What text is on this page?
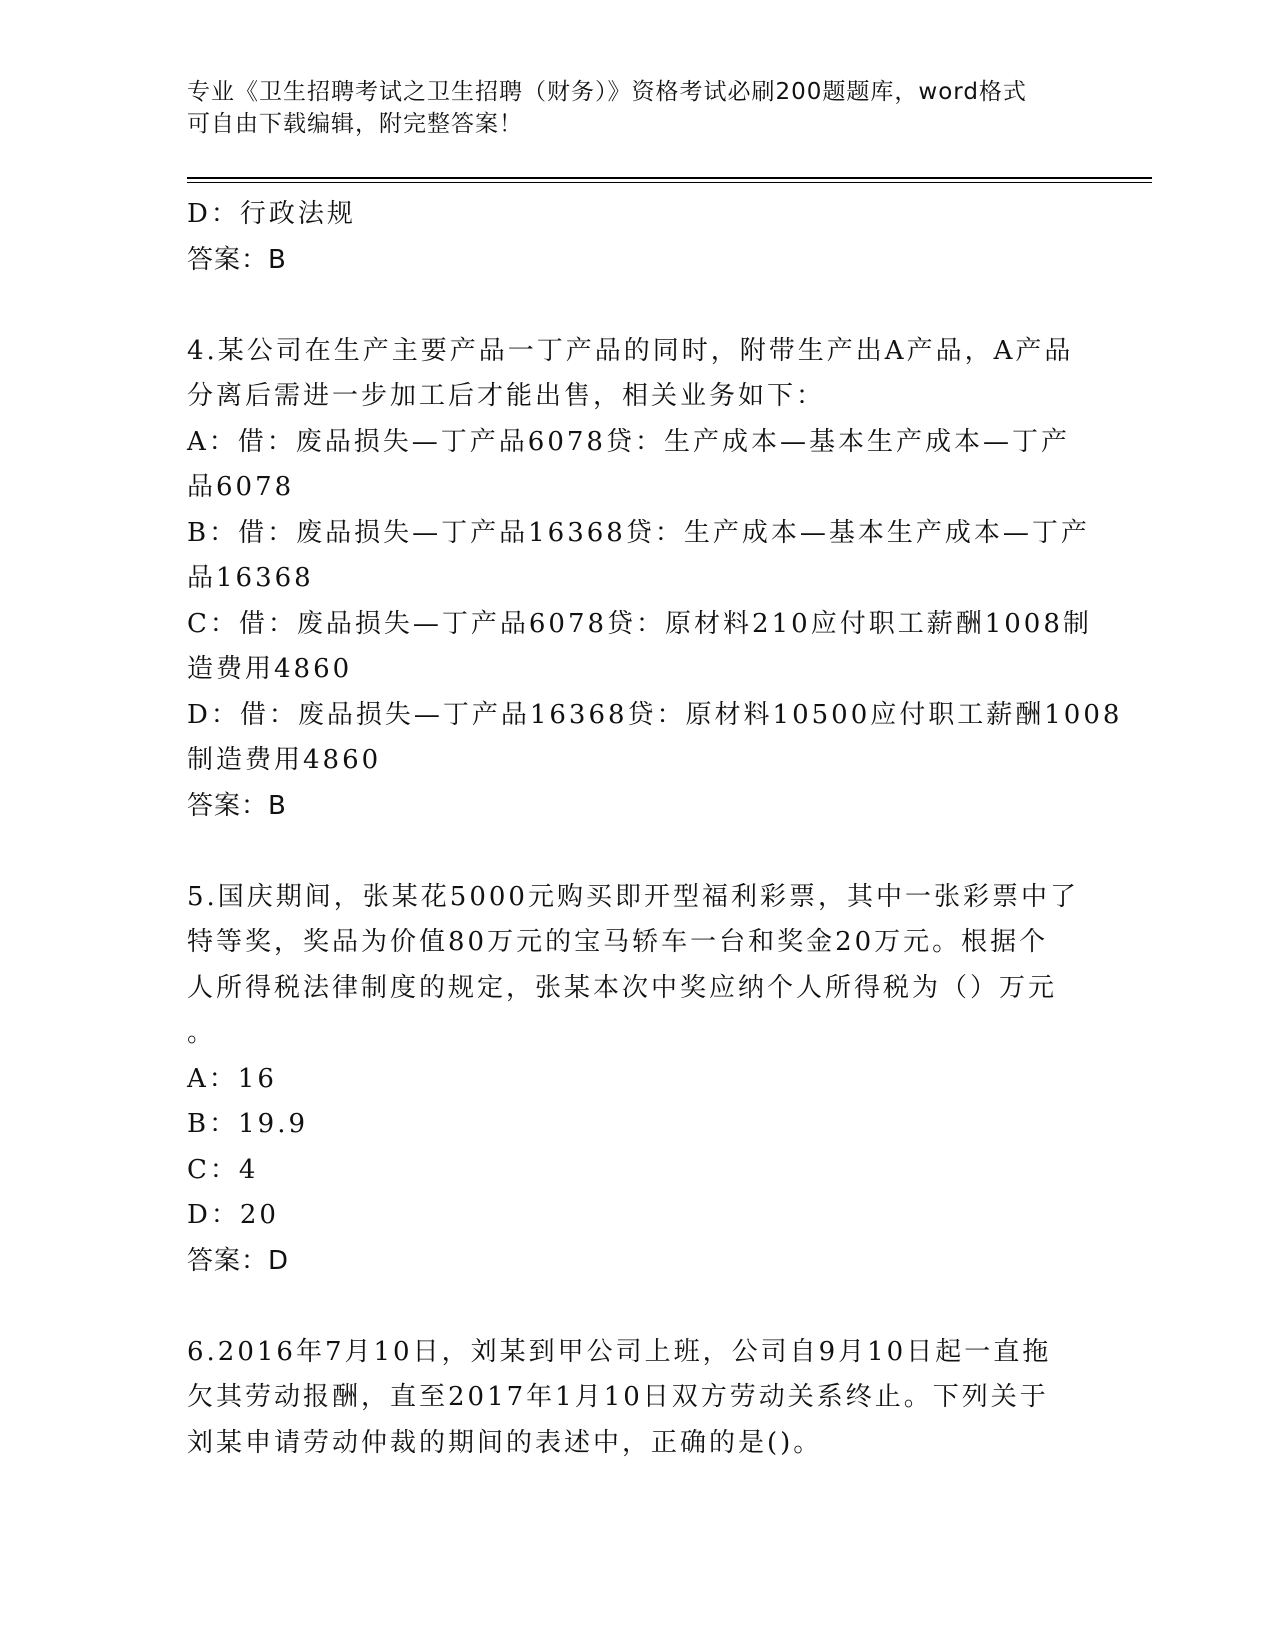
专业《卫生招聘考试之卫生招聘（财务）》资格考试必刷200题题库，word格式
可自由下载编辑，附完整答案！
D：行政法规
答案：B
4.某公司在生产主要产品一丁产品的同时，附带生产出A产品，A产品
分离后需进一步加工后才能出售，相关业务如下：
A：借：废品损失—丁产品6078贷：生产成本—基本生产成本—丁产
品6078
B：借：废品损失—丁产品16368贷：生产成本—基本生产成本—丁产
品16368
C：借：废品损失—丁产品6078贷：原材料210应付职工薪酬1008制
造费用4860
D：借：废品损失—丁产品16368贷：原材料10500应付职工薪酬1008
制造费用4860
答案：B
5.国庆期间，张某花5000元购买即开型福利彩票，其中一张彩票中了
特等奖，奖品为价值80万元的宝马轿车一台和奖金20万元。根据个
人所得税法律制度的规定，张某本次中奖应纳个人所得税为（）万元
。
A：16
B：19.9
C：4
D：20
答案：D
6.2016年7月10日，刘某到甲公司上班，公司自9月10日起一直拖
欠其劳动报酬，直至2017年1月10日双方劳动关系终止。下列关于
刘某申请劳动仲裁的期间的表述中，正确的是()。
